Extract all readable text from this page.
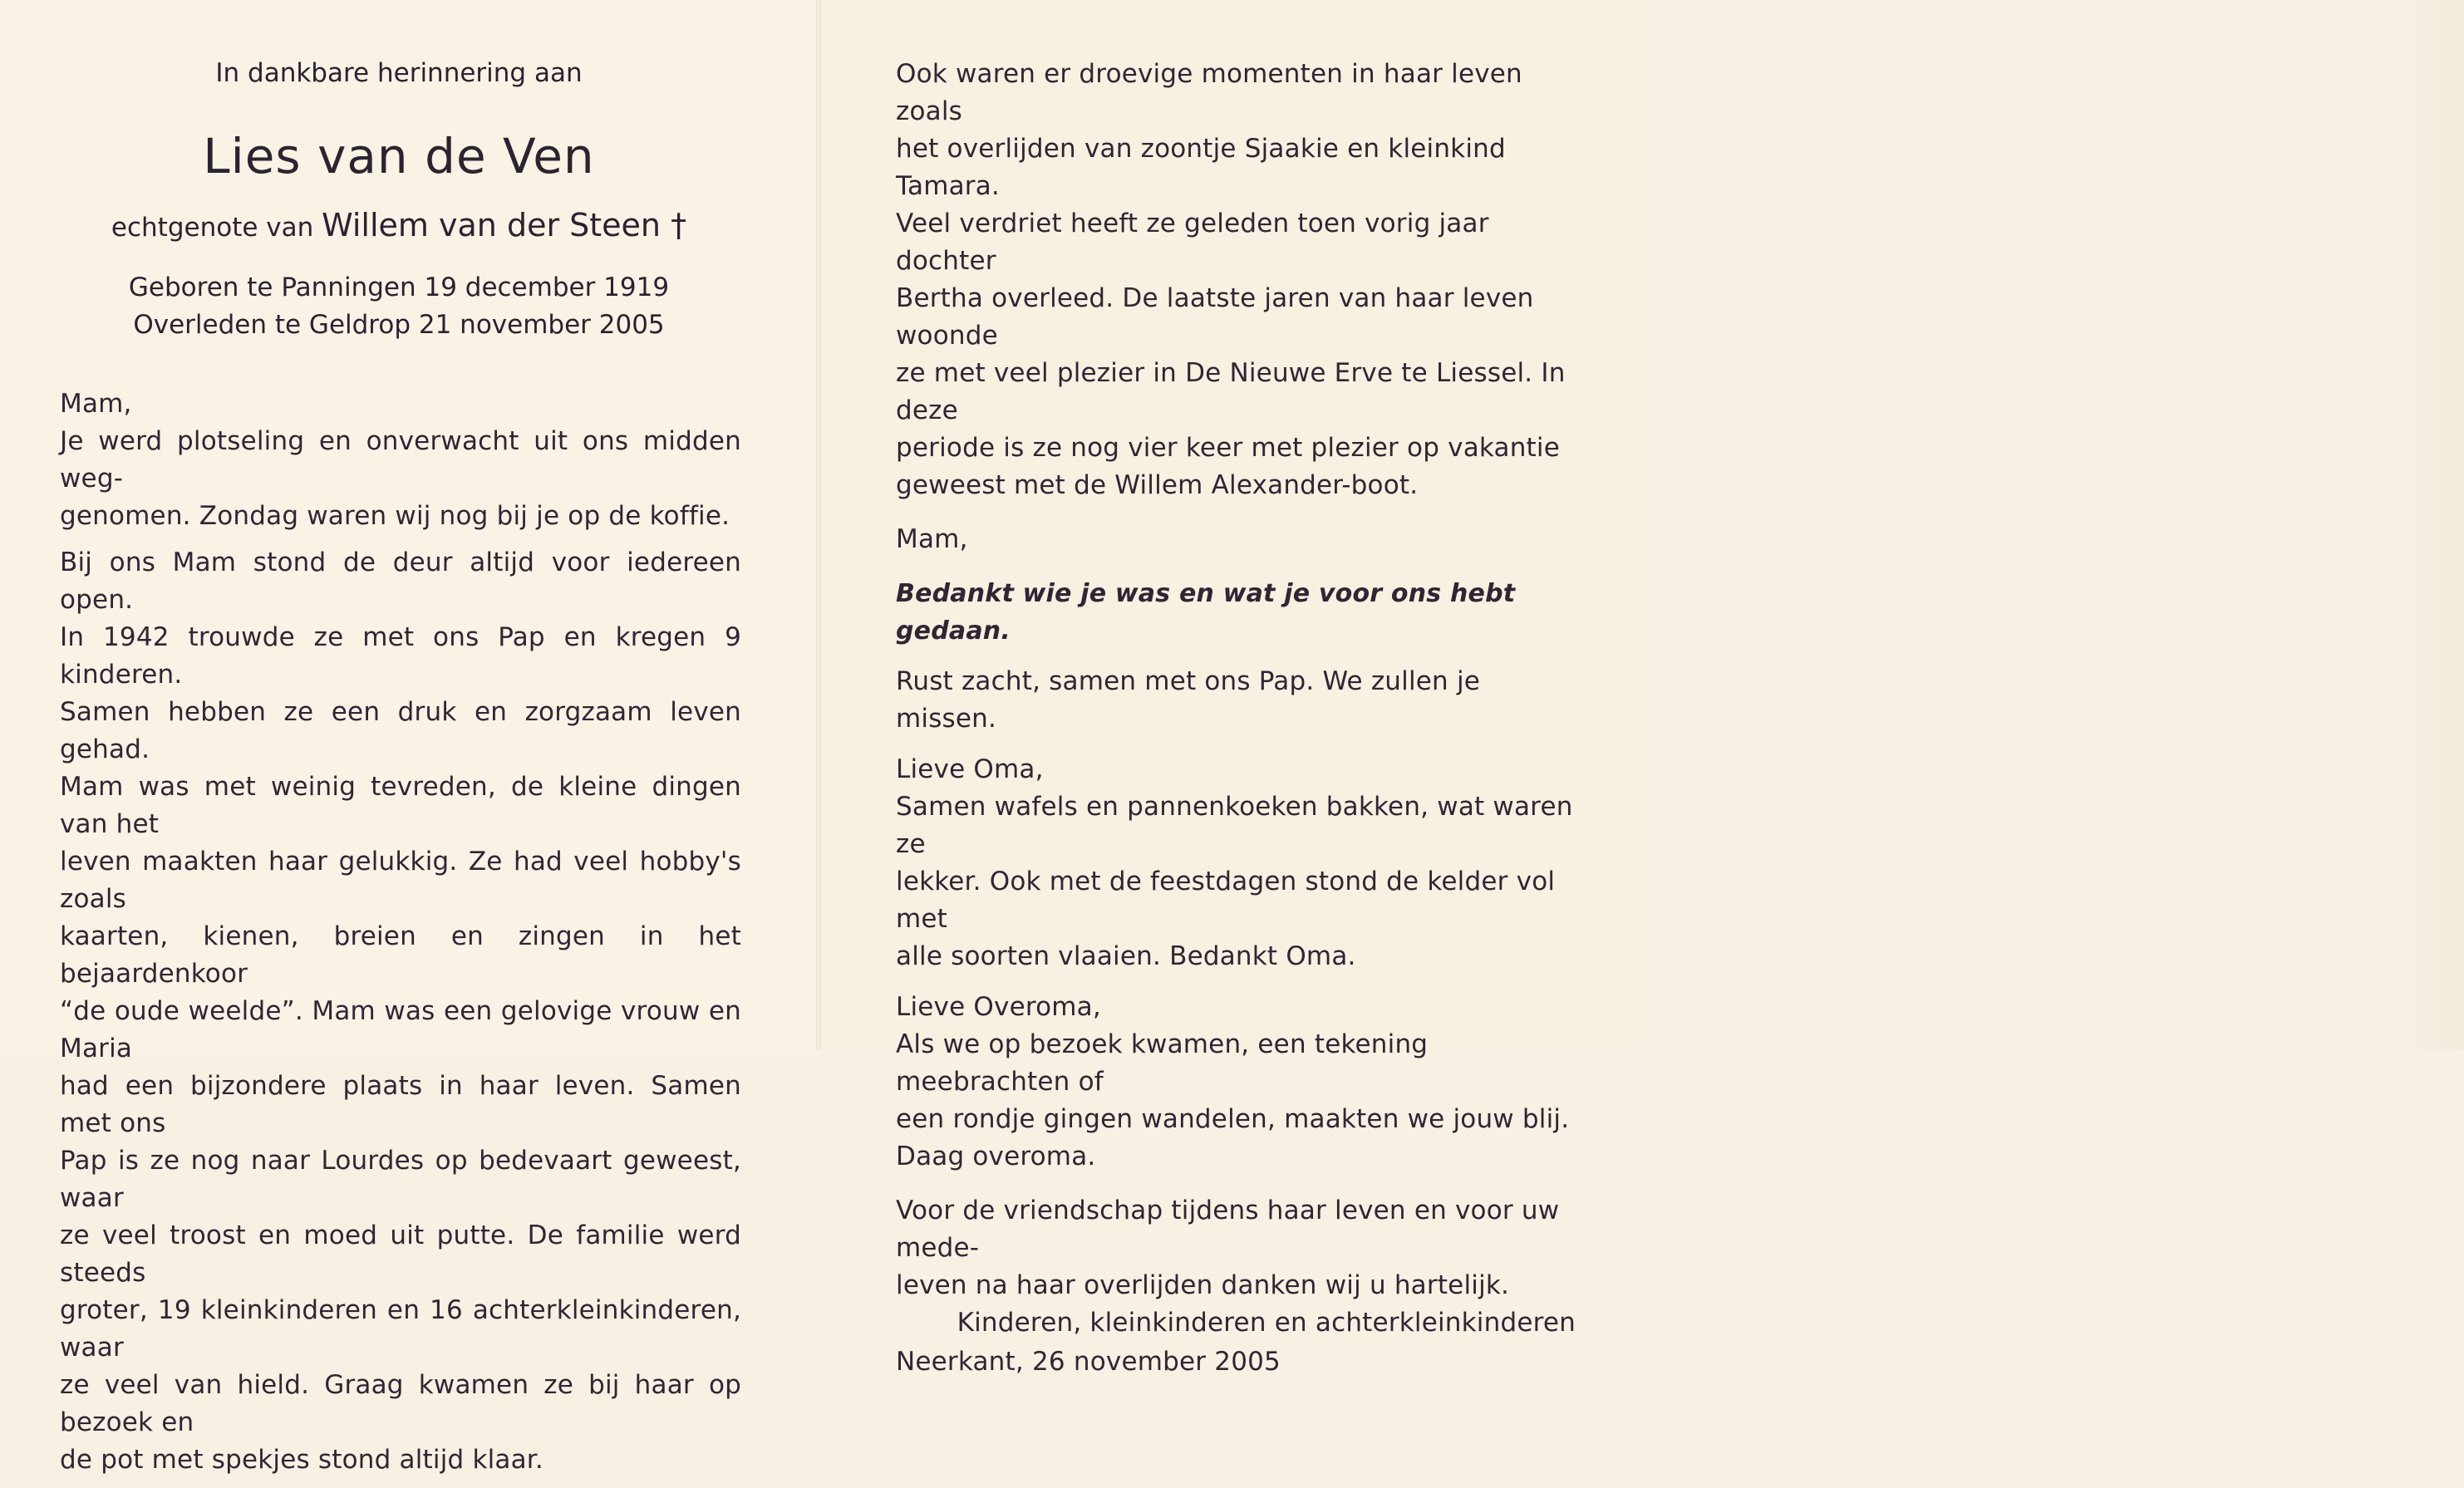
In dankbare herinnering aan
Lies van de Ven
echtgenote van Willem van der Steen †
Geboren te Panningen 19 december 1919
Overleden te Geldrop 21 november 2005
Mam,
Je werd plotseling en onverwacht uit ons midden weg-
genomen. Zondag waren wij nog bij je op de koffie.
Bij ons Mam stond de deur altijd voor iedereen open.
In 1942 trouwde ze met ons Pap en kregen 9 kinderen.
Samen hebben ze een druk en zorgzaam leven gehad.
Mam was met weinig tevreden, de kleine dingen van het
leven maakten haar gelukkig. Ze had veel hobby's zoals
kaarten, kienen, breien en zingen in het bejaardenkoor
“de oude weelde”. Mam was een gelovige vrouw en Maria
had een bijzondere plaats in haar leven. Samen met ons
Pap is ze nog naar Lourdes op bedevaart geweest, waar
ze veel troost en moed uit putte. De familie werd steeds
groter, 19 kleinkinderen en 16 achterkleinkinderen, waar
ze veel van hield. Graag kwamen ze bij haar op bezoek en
de pot met spekjes stond altijd klaar.
Ook waren er droevige momenten in haar leven zoals
het overlijden van zoontje Sjaakie en kleinkind Tamara.
Veel verdriet heeft ze geleden toen vorig jaar dochter
Bertha overleed. De laatste jaren van haar leven woonde
ze met veel plezier in De Nieuwe Erve te Liessel. In deze
periode is ze nog vier keer met plezier op vakantie
geweest met de Willem Alexander-boot.
Mam,
Bedankt wie je was en wat je voor ons hebt gedaan.
Rust zacht, samen met ons Pap. We zullen je missen.
Lieve Oma,
Samen wafels en pannenkoeken bakken, wat waren ze
lekker. Ook met de feestdagen stond de kelder vol met
alle soorten vlaaien. Bedankt Oma.
Lieve Overoma,
Als we op bezoek kwamen, een tekening meebrachten of
een rondje gingen wandelen, maakten we jouw blij.
Daag overoma.
Voor de vriendschap tijdens haar leven en voor uw mede-
leven na haar overlijden danken wij u hartelijk.
Kinderen, kleinkinderen en achterkleinkinderen
Neerkant, 26 november 2005
